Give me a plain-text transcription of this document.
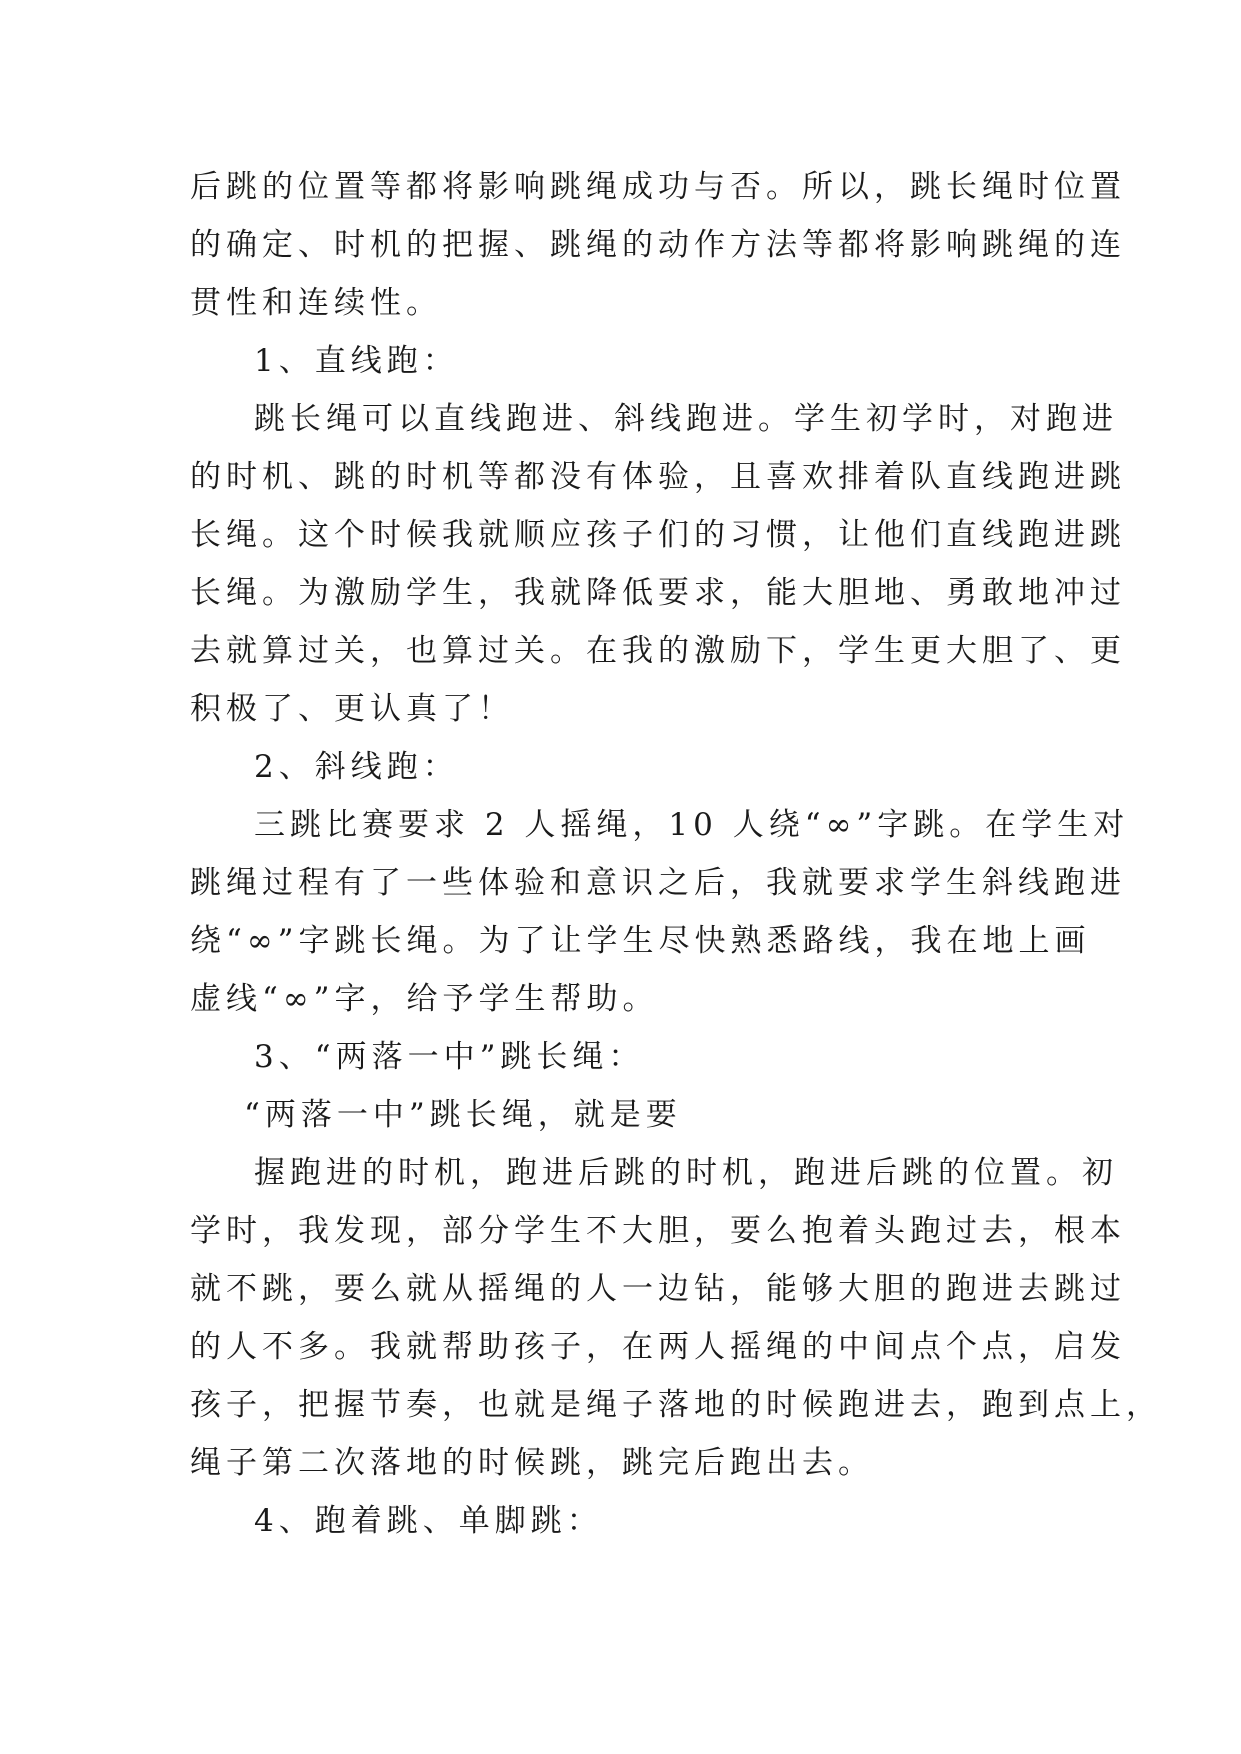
后跳的位置等都将影响跳绳成功与否。所以，跳长绳时位置
的确定、时机的把握、跳绳的动作方法等都将影响跳绳的连
贯性和连续性。
1、直线跑：
跳长绳可以直线跑进、斜线跑进。学生初学时，对跑进
的时机、跳的时机等都没有体验，且喜欢排着队直线跑进跳
长绳。这个时候我就顺应孩子们的习惯，让他们直线跑进跳
长绳。为激励学生，我就降低要求，能大胆地、勇敢地冲过
去就算过关，也算过关。在我的激励下，学生更大胆了、更
积极了、更认真了！
2、斜线跑：
三跳比赛要求 2 人摇绳，10 人绕“∞”字跳。在学生对
跳绳过程有了一些体验和意识之后，我就要求学生斜线跑进
绕“∞”字跳长绳。为了让学生尽快熟悉路线，我在地上画
虚线“∞”字，给予学生帮助。
3、“两落一中”跳长绳：
“两落一中”跳长绳，就是要
握跑进的时机，跑进后跳的时机，跑进后跳的位置。初
学时，我发现，部分学生不大胆，要么抱着头跑过去，根本
就不跳，要么就从摇绳的人一边钻，能够大胆的跑进去跳过
的人不多。我就帮助孩子，在两人摇绳的中间点个点，启发
孩子，把握节奏，也就是绳子落地的时候跑进去，跑到点上，
绳子第二次落地的时候跳，跳完后跑出去。
4、跑着跳、单脚跳：
